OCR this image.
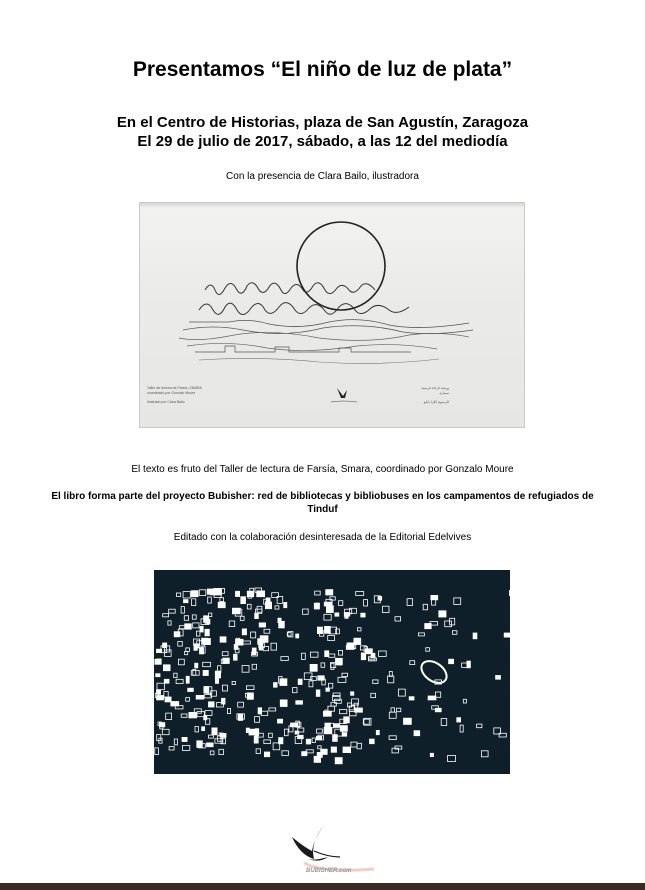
Presentamos “El niño de luz de plata”

En el Centro de Historias, plaza de San Agustín, Zaragoza

El 29 de julio de 2017, sábado, a las 12 del mediodía

Con la presencia de Clara Bailo, ilustradora

Taller de lectura de Farsía, SMARA
coordinado por Gonzalo Moure

Ilustrado por Clara Bailo
ورشة قراءة فرسية
سمارة

الرسوم كلارا بايلو

El texto es fruto del Taller de lectura de Farsía, Smara, coordinado por Gonzalo Moure

El libro forma parte del proyecto Bubisher: red de bibliotecas y bibliobuses en los campamentos de refugiados de Tinduf

Editado con la colaboración desinteresada de la Editorial Edelvives

BUBISHER.com
